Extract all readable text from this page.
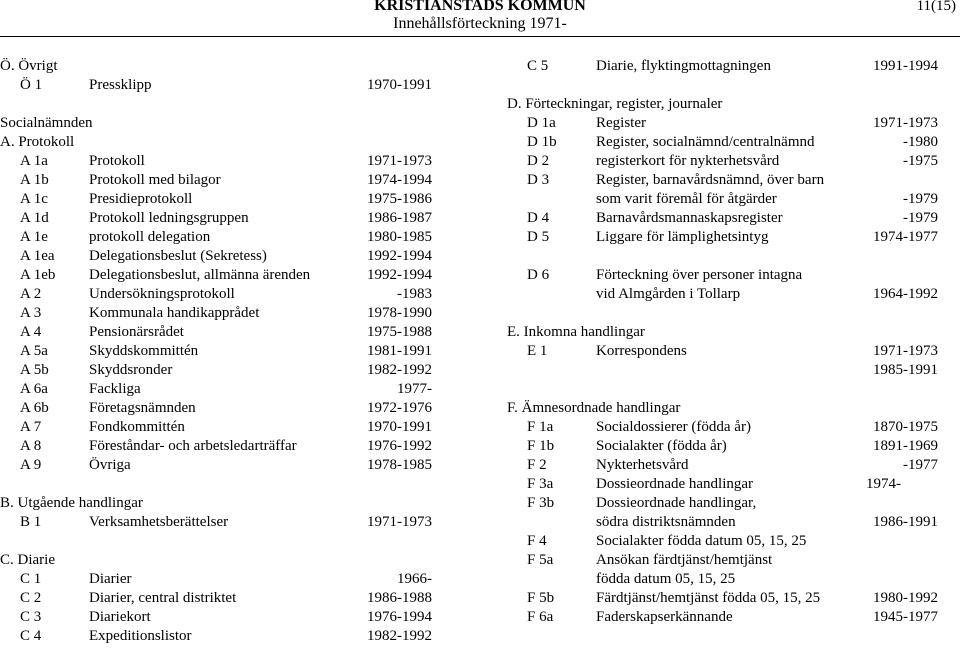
KRISTIANSTADS KOMMUN
Innehållsförteckning 1971-
11(15)
Ö. Övrigt
Ö 1	Pressklipp	1970-1991
Socialnämnden
A. Protokoll
A 1a	Protokoll	1971-1973
A 1b	Protokoll med bilagor	1974-1994
A 1c	Presidieprotokoll	1975-1986
A 1d	Protokoll ledningsgruppen	1986-1987
A 1e	protokoll delegation	1980-1985
A 1ea Delegationsbeslut (Sekretess)	1992-1994
A 1eb Delegationsbeslut, allmänna ärenden	1992-1994
A 2	Undersökningsprotokoll	-1983
A 3	Kommunala handikapprådet	1978-1990
A 4	Pensionärsrådet	1975-1988
A 5a	Skyddskommittén	1981-1991
A 5b	Skyddsronder	1982-1992
A 6a	Fackliga	1977-
A 6b	Företagsnämnden	1972-1976
A 7	Fondkommittén	1970-1991
A 8	Föreståndar- och arbetsledarträffar	1976-1992
A 9	Övriga	1978-1985
B. Utgående handlingar
B 1	Verksamhetsberättelser	1971-1973
C. Diarie
C 1	Diarier	1966-
C 2	Diarier, central distriktet	1986-1988
C 3	Diariekort	1976-1994
C 4	Expeditionslistor	1982-1992
C 5	Diarie, flyktingmottagningen	1991-1994
D. Förteckningar, register, journaler
D 1a	Register	1971-1973
D 1b	Register, socialnämnd/centralnämnd	-1980
D 2	registerkort för nykterhetsvård	-1975
D 3	Register, barnavårdsnämnd, över barn
som varit föremål för åtgärder	-1979
D 4	Barnavårdsmannaskapsregister	-1979
D 5	Liggare för lämplighetsintyg	1974-1977
D 6	Förteckning över personer intagna
vid Almgården i Tollarp	1964-1992
E. Inkomna handlingar
E 1	Korrespondens	1971-1973
1985-1991
F. Ämnesordnade handlingar
F 1a	Socialdossierer (födda år)	1870-1975
F 1b	Socialakter (födda år)	1891-1969
F 2	Nykterhetsvård	-1977
F 3a	Dossieordnade handlingar	1974-
F 3b	Dossieordnade handlingar,
södra distriktsnämnden	1986-1991
F 4	Socialakter födda datum 05, 15, 25
F 5a	Ansökan färdtjänst/hemtjänst
födda datum 05, 15, 25
F 5b	Färdtjänst/hemtjänst födda 05, 15, 25	1980-1992
F 6a	Faderskapserkännande	1945-1977
